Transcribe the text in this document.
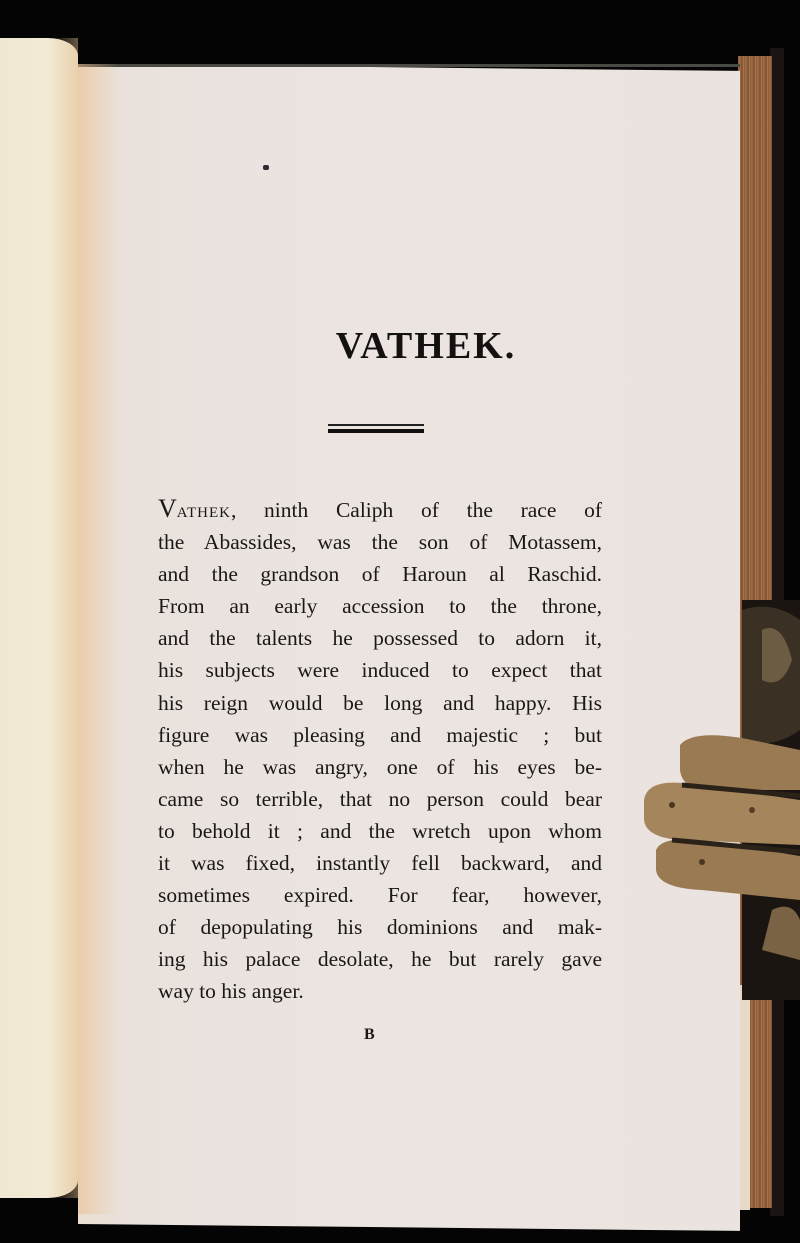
VATHEK.
Vathek, ninth Caliph of the race of
the Abassides, was the son of Motassem,
and the grandson of Haroun al Raschid.
From an early accession to the throne,
and the talents he possessed to adorn it,
his subjects were induced to expect that
his reign would be long and happy. His
figure was pleasing and majestic ; but
when he was angry, one of his eyes be-
came so terrible, that no person could bear
to behold it ; and the wretch upon whom
it was fixed, instantly fell backward, and
sometimes expired. For fear, however,
of depopulating his dominions and mak-
ing his palace desolate, he but rarely gave
way to his anger.
B
